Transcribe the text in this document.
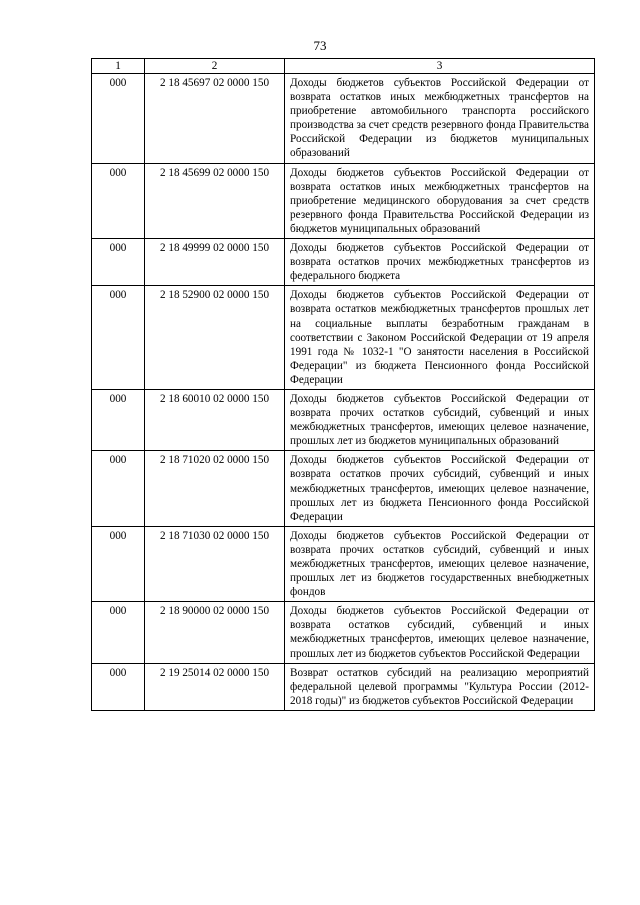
73
1	2	3
000	2 18 45697 02 0000 150	Доходы бюджетов субъектов Российской Федерации от возврата остатков иных межбюджетных трансфертов на приобретение автомобильного транспорта российского производства за счет средств резервного фонда Правительства Российской Федерации из бюджетов муниципальных образований
000	2 18 45699 02 0000 150	Доходы бюджетов субъектов Российской Федерации от возврата остатков иных межбюджетных трансфертов на приобретение медицинского оборудования за счет средств резервного фонда Правительства Российской Федерации из бюджетов муниципальных образований
000	2 18 49999 02 0000 150	Доходы бюджетов субъектов Российской Федерации от возврата остатков прочих межбюджетных трансфертов из федерального бюджета
000	2 18 52900 02 0000 150	Доходы бюджетов субъектов Российской Федерации от возврата остатков межбюджетных трансфертов прошлых лет на социальные выплаты безработным гражданам в соответствии с Законом Российской Федерации от 19 апреля 1991 года № 1032-1 "О занятости населения в Российской Федерации" из бюджета Пенсионного фонда Российской Федерации
000	2 18 60010 02 0000 150	Доходы бюджетов субъектов Российской Федерации от возврата прочих остатков субсидий, субвенций и иных межбюджетных трансфертов, имеющих целевое назначение, прошлых лет из бюджетов муниципальных образований
000	2 18 71020 02 0000 150	Доходы бюджетов субъектов Российской Федерации от возврата остатков прочих субсидий, субвенций и иных межбюджетных трансфертов, имеющих целевое назначение, прошлых лет из бюджета Пенсионного фонда Российской Федерации
000	2 18 71030 02 0000 150	Доходы бюджетов субъектов Российской Федерации от возврата прочих остатков субсидий, субвенций и иных межбюджетных трансфертов, имеющих целевое назначение, прошлых лет из бюджетов государственных внебюджетных фондов
000	2 18 90000 02 0000 150	Доходы бюджетов субъектов Российской Федерации от возврата остатков субсидий, субвенций и иных межбюджетных трансфертов, имеющих целевое назначение, прошлых лет из бюджетов субъектов Российской Федерации
000	2 19 25014 02 0000 150	Возврат остатков субсидий на реализацию мероприятий федеральной целевой программы "Культура России (2012-2018 годы)" из бюджетов субъектов Российской Федерации
